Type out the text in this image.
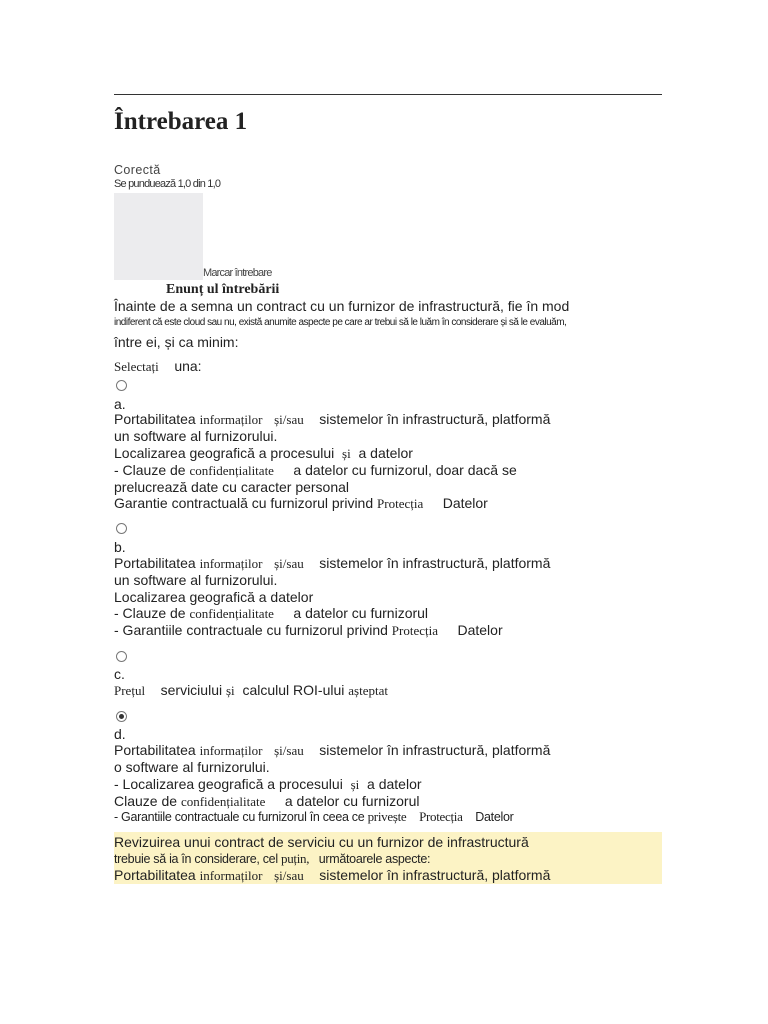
Întrebarea 1
Corectă
Se punduează 1,0 din 1,0
Marcar întrebare
Enunț ul întrebării
Înainte de a semna un contract cu un furnizor de infrastructură, fie în mod
indiferent că este cloud sau nu, există anumite aspecte pe care ar trebui să le luăm în considerare și să le evaluăm,
între ei, și ca minim:
Selectați una:
a.
Portabilitatea informaților și/sau sistemelor în infrastructură, platformă
un software al furnizorului.
Localizarea geografică a procesului și a datelor
- Clauze de confidențialitate a datelor cu furnizorul, doar dacă se
prelucrează date cu caracter personal
Garantie contractuală cu furnizorul privind Protecția Datelor
b.
Portabilitatea informaților și/sau sistemelor în infrastructură, platformă
un software al furnizorului.
Localizarea geografică a datelor
- Clauze de confidențialitate a datelor cu furnizorul
- Garantiile contractuale cu furnizorul privind Protecția Datelor
c.
Prețul serviciului și calculul ROI-ului așteptat
d.
Portabilitatea informaților și/sau sistemelor în infrastructură, platformă
o software al furnizorului.
- Localizarea geografică a procesului și a datelor
Clauze de confidențialitate a datelor cu furnizorul
- Garantiile contractuale cu furnizorul în ceea ce privește Protecția Datelor
Revizuirea unui contract de serviciu cu un furnizor de infrastructură
trebuie să ia în considerare, cel puțin, următoarele aspecte:
Portabilitatea informaților și/sau sistemelor în infrastructură, platformă
